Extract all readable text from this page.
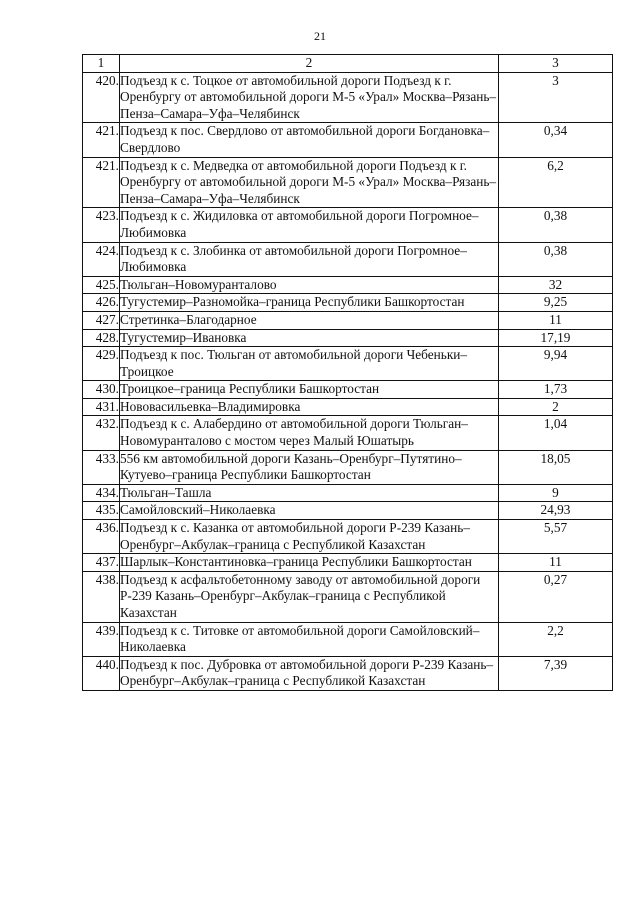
21
1	2	3
420.	Подъезд к с. Тоцкое от автомобильной дороги Подъезд к г. Оренбургу от автомобильной дороги М-5 «Урал» Москва–Рязань–Пенза–Самара–Уфа–Челябинск	3
421.	Подъезд к пос. Свердлово от автомобильной дороги Богдановка–Свердлово	0,34
421.	Подъезд к с. Медведка от автомобильной дороги Подъезд к г. Оренбургу от автомобильной дороги М-5 «Урал» Москва–Рязань–Пенза–Самара–Уфа–Челябинск	6,2
423.	Подъезд к с. Жидиловка от автомобильной дороги Погромное–Любимовка	0,38
424.	Подъезд к с. Злобинка от автомобильной дороги Погромное–Любимовка	0,38
425.	Тюльган–Новомуранталово	32
426.	Тугустемир–Разномойка–граница Республики Башкортостан	9,25
427.	Стретинка–Благодарное	11
428.	Тугустемир–Ивановка	17,19
429.	Подъезд к пос. Тюльган от автомобильной дороги Чебеньки–Троицкое	9,94
430.	Троицкое–граница Республики Башкортостан	1,73
431.	Нововасильевка–Владимировка	2
432.	Подъезд к с. Алабердино от автомобильной дороги Тюльган–Новомуранталово с мостом через Малый Юшатырь	1,04
433.	556 км автомобильной дороги Казань–Оренбург–Путятино–Кутуево–граница Республики Башкортостан	18,05
434.	Тюльган–Ташла	9
435.	Самойловский–Николаевка	24,93
436.	Подъезд к с. Казанка от автомобильной дороги Р-239 Казань–Оренбург–Акбулак–граница с Республикой Казахстан	5,57
437.	Шарлык–Константиновка–граница Республики Башкортостан	11
438.	Подъезд к асфальтобетонному заводу от автомобильной дороги Р-239 Казань–Оренбург–Акбулак–граница с Республикой Казахстан	0,27
439.	Подъезд к с. Титовке от автомобильной дороги Самойловский–Николаевка	2,2
440.	Подъезд к пос. Дубровка от автомобильной дороги Р-239 Казань–Оренбург–Акбулак–граница с Республикой Казахстан	7,39
